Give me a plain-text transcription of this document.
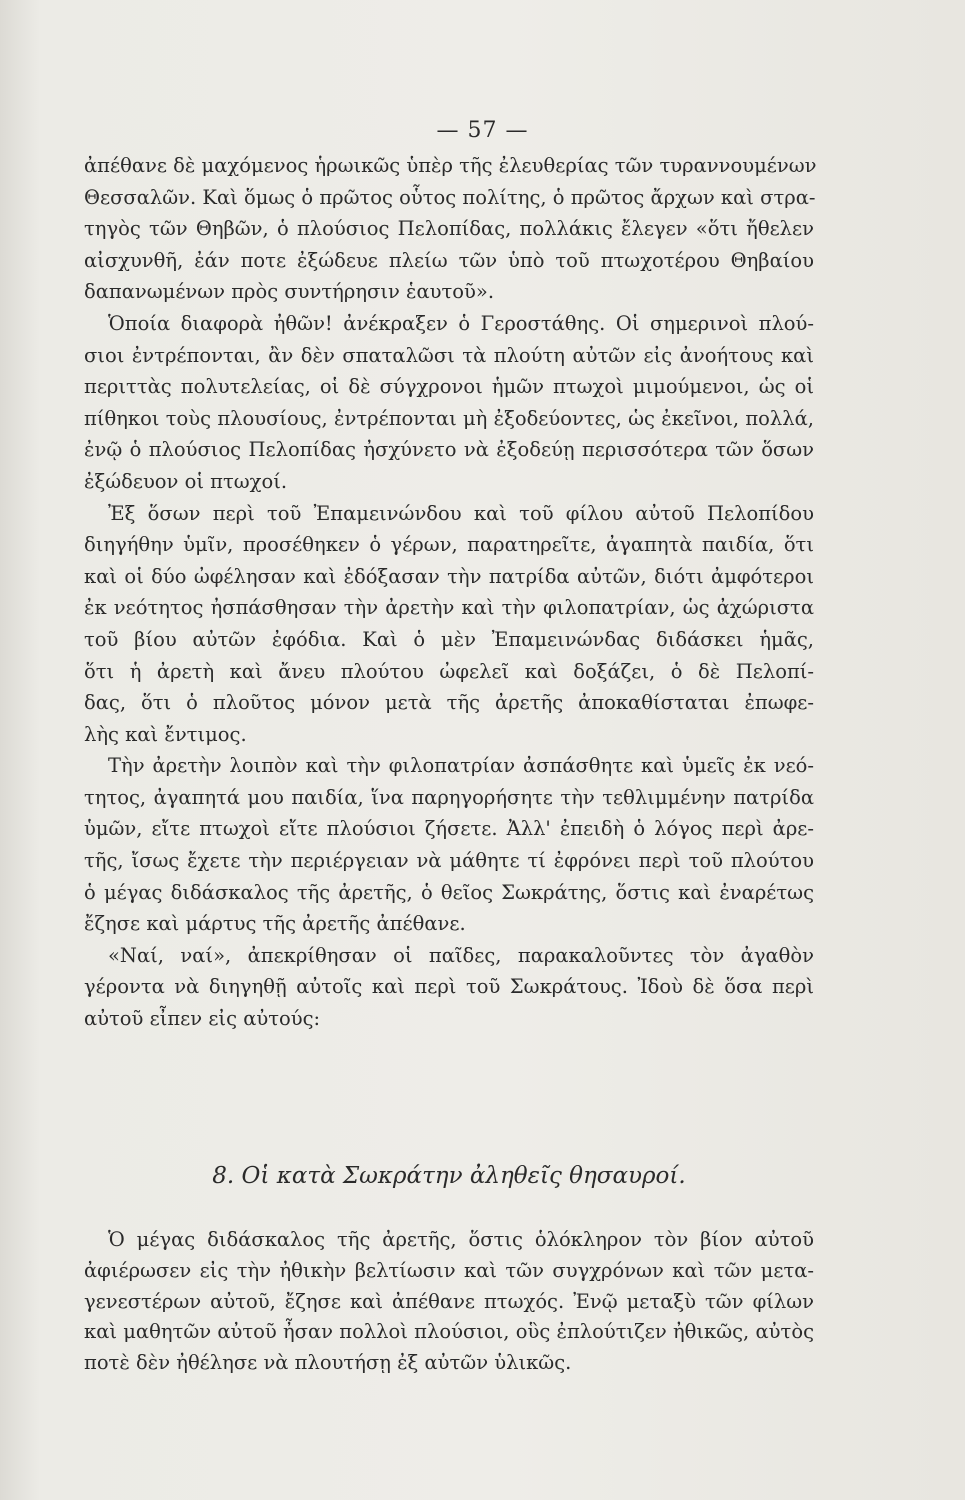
— 57 —
ἀπέθανε δὲ μαχόμενος ἡρωικῶς ὑπὲρ τῆς ἐλευθερίας τῶν τυραννουμένων
Θεσσαλῶν. Καὶ ὅμως ὁ πρῶτος οὗτος πολίτης, ὁ πρῶτος ἄρχων καὶ στρα-
τηγὸς τῶν Θηβῶν, ὁ πλούσιος Πελοπίδας, πολλάκις ἔλεγεν «ὅτι ἤθελεν
αἰσχυνθῆ, ἐάν ποτε ἐξώδευε πλείω τῶν ὑπὸ τοῦ πτωχοτέρου Θηβαίου
δαπανωμένων πρὸς συντήρησιν ἑαυτοῦ».
Ὁποία διαφορὰ ἠθῶν! ἀνέκραξεν ὁ Γεροστάθης. Οἱ σημερινοὶ πλού-
σιοι ἐντρέπονται, ἂν δὲν σπαταλῶσι τὰ πλούτη αὐτῶν εἰς ἀνοήτους καὶ
περιττὰς πολυτελείας, οἱ δὲ σύγχρονοι ἡμῶν πτωχοὶ μιμούμενοι, ὡς οἱ
πίθηκοι τοὺς πλουσίους, ἐντρέπονται μὴ ἐξοδεύοντες, ὡς ἐκεῖνοι, πολλά,
ἐνῷ ὁ πλούσιος Πελοπίδας ἠσχύνετο νὰ ἐξοδεύῃ περισσότερα τῶν ὅσων
ἐξώδευον οἱ πτωχοί.
Ἐξ ὅσων περὶ τοῦ Ἐπαμεινώνδου καὶ τοῦ φίλου αὐτοῦ Πελοπίδου
διηγήθην ὑμῖν, προσέθηκεν ὁ γέρων, παρατηρεῖτε, ἀγαπητὰ παιδία, ὅτι
καὶ οἱ δύο ὠφέλησαν καὶ ἐδόξασαν τὴν πατρίδα αὐτῶν, διότι ἀμφότεροι
ἐκ νεότητος ἠσπάσθησαν τὴν ἀρετὴν καὶ τὴν φιλοπατρίαν, ὡς ἀχώριστα
τοῦ βίου αὐτῶν ἐφόδια. Καὶ ὁ μὲν Ἐπαμεινώνδας διδάσκει ἡμᾶς,
ὅτι ἡ ἀρετὴ καὶ ἄνευ πλούτου ὠφελεῖ καὶ δοξάζει, ὁ δὲ Πελοπί-
δας, ὅτι ὁ πλοῦτος μόνον μετὰ τῆς ἀρετῆς ἀποκαθίσταται ἐπωφε-
λὴς καὶ ἔντιμος.
Τὴν ἀρετὴν λοιπὸν καὶ τὴν φιλοπατρίαν ἀσπάσθητε καὶ ὑμεῖς ἐκ νεό-
τητος, ἀγαπητά μου παιδία, ἵνα παρηγορήσητε τὴν τεθλιμμένην πατρίδα
ὑμῶν, εἴτε πτωχοὶ εἴτε πλούσιοι ζήσετε. Ἀλλ' ἐπειδὴ ὁ λόγος περὶ ἀρε-
τῆς, ἴσως ἔχετε τὴν περιέργειαν νὰ μάθητε τί ἐφρόνει περὶ τοῦ πλούτου
ὁ μέγας διδάσκαλος τῆς ἀρετῆς, ὁ θεῖος Σωκράτης, ὅστις καὶ ἐναρέτως
ἔζησε καὶ μάρτυς τῆς ἀρετῆς ἀπέθανε.
«Ναί, ναί», ἀπεκρίθησαν οἱ παῖδες, παρακαλοῦντες τὸν ἀγαθὸν
γέροντα νὰ διηγηθῇ αὐτοῖς καὶ περὶ τοῦ Σωκράτους. Ἰδοὺ δὲ ὅσα περὶ
αὐτοῦ εἶπεν εἰς αὐτούς:
8. Οἱ κατὰ Σωκράτην ἀληθεῖς θησαυροί.
Ὁ μέγας διδάσκαλος τῆς ἀρετῆς, ὅστις ὁλόκληρον τὸν βίον αὐτοῦ
ἀφιέρωσεν εἰς τὴν ἠθικὴν βελτίωσιν καὶ τῶν συγχρόνων καὶ τῶν μετα-
γενεστέρων αὐτοῦ, ἔζησε καὶ ἀπέθανε πτωχός. Ἐνῷ μεταξὺ τῶν φίλων
καὶ μαθητῶν αὐτοῦ ἦσαν πολλοὶ πλούσιοι, οὓς ἐπλούτιζεν ἠθικῶς, αὐτὸς
ποτὲ δὲν ἠθέλησε νὰ πλουτήσῃ ἐξ αὐτῶν ὑλικῶς.
